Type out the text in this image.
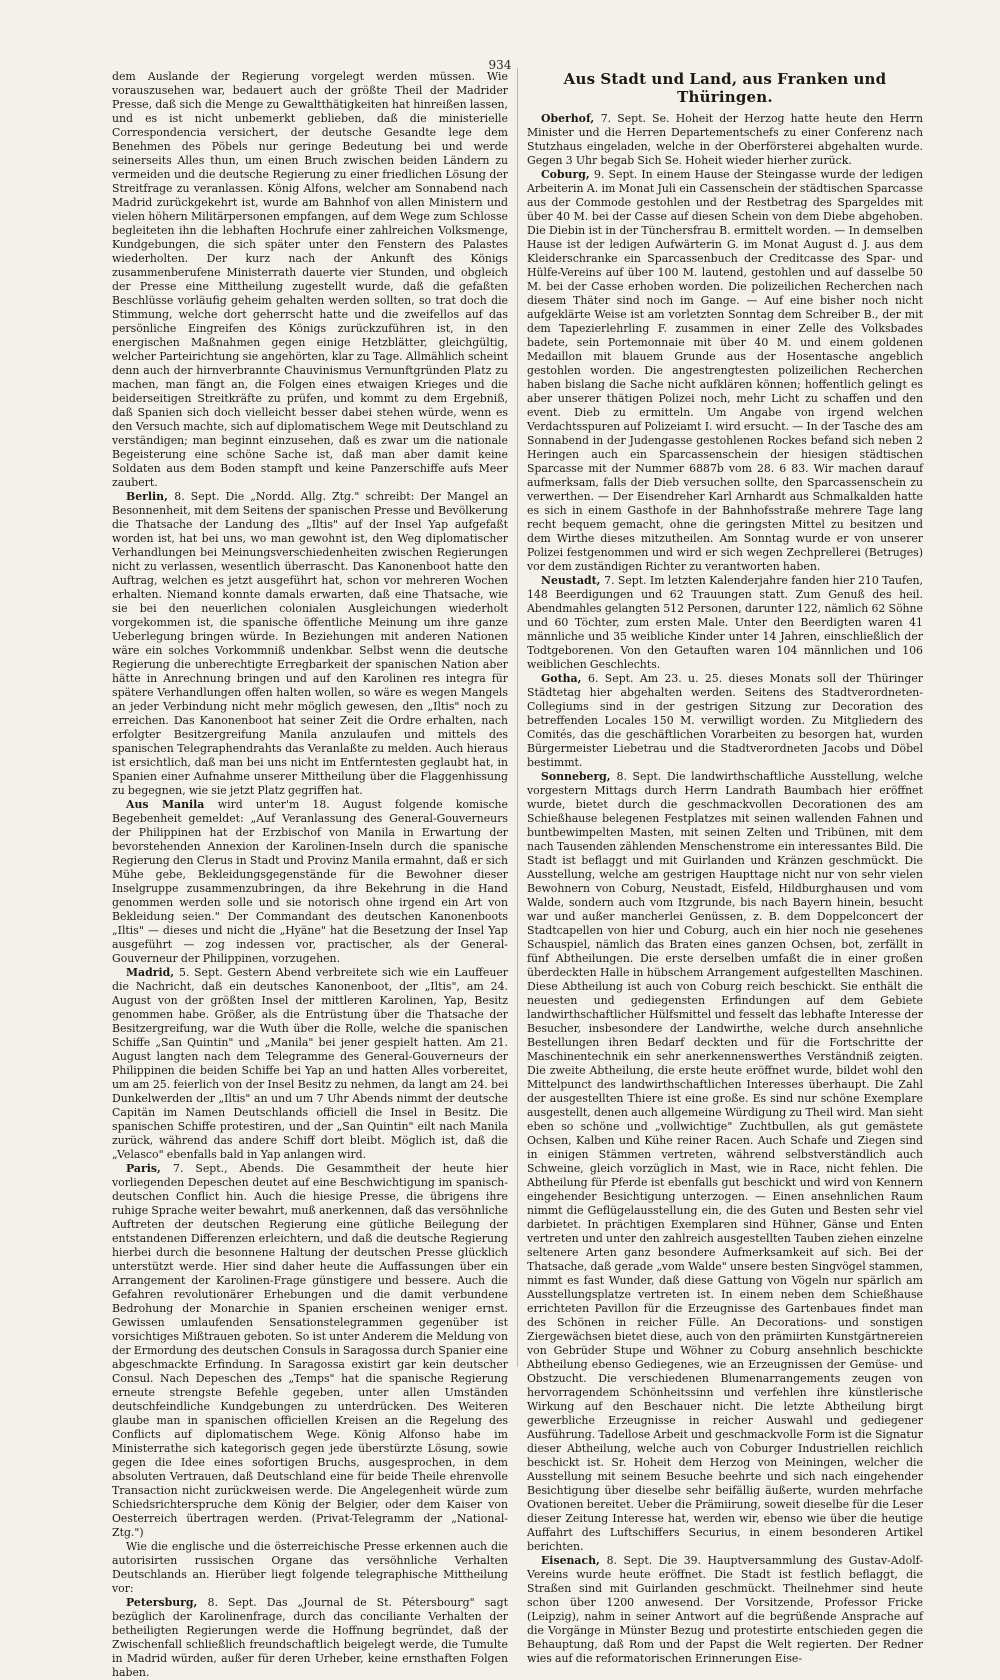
934

dem Auslande der Regierung vorgelegt werden müssen. Wie vorauszusehen war, bedauert auch der größte Theil der Madrider Presse, daß sich die Menge zu Gewaltthätigkeiten hat hinreißen lassen, und es ist nicht unbemerkt geblieben, daß die ministerielle Correspondencia versichert, der deutsche Gesandte lege dem Benehmen des Pöbels nur geringe Bedeutung bei und werde seinerseits Alles thun, um einen Bruch zwischen beiden Ländern zu vermeiden und die deutsche Regierung zu einer friedlichen Lösung der Streitfrage zu veranlassen. König Alfons, welcher am Sonnabend nach Madrid zurückgekehrt ist, wurde am Bahnhof von allen Ministern und vielen höhern Militärpersonen empfangen, auf dem Wege zum Schlosse begleiteten ihn die lebhaften Hochrufe einer zahlreichen Volksmenge, Kundgebungen, die sich später unter den Fenstern des Palastes wiederholten. Der kurz nach der Ankunft des Königs zusammenberufene Ministerrath dauerte vier Stunden, und obgleich der Presse eine Mittheilung zugestellt wurde, daß die gefaßten Beschlüsse vorläufig geheim gehalten werden sollten, so trat doch die Stimmung, welche dort geherrscht hatte und die zweifellos auf das persönliche Eingreifen des Königs zurückzuführen ist, in den energischen Maßnahmen gegen einige Hetzblätter, gleichgültig, welcher Parteirichtung sie angehörten, klar zu Tage. Allmählich scheint denn auch der hirnverbrannte Chauvinismus Vernunftgründen Platz zu machen, man fängt an, die Folgen eines etwaigen Krieges und die beiderseitigen Streitkräfte zu prüfen, und kommt zu dem Ergebniß, daß Spanien sich doch vielleicht besser dabei stehen würde, wenn es den Versuch machte, sich auf diplomatischem Wege mit Deutschland zu verständigen; man beginnt einzusehen, daß es zwar um die nationale Begeisterung eine schöne Sache ist, daß man aber damit keine Soldaten aus dem Boden stampft und keine Panzerschiffe aufs Meer zaubert.

Berlin, 8. Sept. Die „Nordd. Allg. Ztg." schreibt: Der Mangel an Besonnenheit, mit dem Seitens der spanischen Presse und Bevölkerung die Thatsache der Landung des „Iltis" auf der Insel Yap aufgefaßt worden ist, hat bei uns, wo man gewohnt ist, den Weg diplomatischer Verhandlungen bei Meinungsverschiedenheiten zwischen Regierungen nicht zu verlassen, wesentlich überrascht. Das Kanonenboot hatte den Auftrag, welchen es jetzt ausgeführt hat, schon vor mehreren Wochen erhalten. Niemand konnte damals erwarten, daß eine Thatsache, wie sie bei den neuerlichen colonialen Ausgleichungen wiederholt vorgekommen ist, die spanische öffentliche Meinung um ihre ganze Ueberlegung bringen würde. In Beziehungen mit anderen Nationen wäre ein solches Vorkommniß undenkbar. Selbst wenn die deutsche Regierung die unberechtigte Erregbarkeit der spanischen Nation aber hätte in Anrechnung bringen und auf den Karolinen res integra für spätere Verhandlungen offen halten wollen, so wäre es wegen Mangels an jeder Verbindung nicht mehr möglich gewesen, den „Iltis" noch zu erreichen. Das Kanonenboot hat seiner Zeit die Ordre erhalten, nach erfolgter Besitzergreifung Manila anzulaufen und mittels des spanischen Telegraphendrahts das Veranlaßte zu melden. Auch hieraus ist ersichtlich, daß man bei uns nicht im Entferntesten geglaubt hat, in Spanien einer Aufnahme unserer Mittheilung über die Flaggenhissung zu begegnen, wie sie jetzt Platz gegriffen hat.

Aus Manila wird unter'm 18. August folgende komische Begebenheit gemeldet: „Auf Veranlassung des General-Gouverneurs der Philippinen hat der Erzbischof von Manila in Erwartung der bevorstehenden Annexion der Karolinen-Inseln durch die spanische Regierung den Clerus in Stadt und Provinz Manila ermahnt, daß er sich Mühe gebe, Bekleidungsgegenstände für die Bewohner dieser Inselgruppe zusammenzubringen, da ihre Bekehrung in die Hand genommen werden solle und sie notorisch ohne irgend ein Art von Bekleidung seien." Der Commandant des deutschen Kanonenboots „Iltis" — dieses und nicht die „Hyäne" hat die Besetzung der Insel Yap ausgeführt — zog indessen vor, practischer, als der General-Gouverneur der Philippinen, vorzugehen.

Madrid, 5. Sept. Gestern Abend verbreitete sich wie ein Lauffeuer die Nachricht, daß ein deutsches Kanonenboot, der „Iltis", am 24. August von der größten Insel der mittleren Karolinen, Yap, Besitz genommen habe. Größer, als die Entrüstung über die Thatsache der Besitzergreifung, war die Wuth über die Rolle, welche die spanischen Schiffe „San Quintin" und „Manila" bei jener gespielt hatten. Am 21. August langten nach dem Telegramme des General-Gouverneurs der Philippinen die beiden Schiffe bei Yap an und hatten Alles vorbereitet, um am 25. feierlich von der Insel Besitz zu nehmen, da langt am 24. bei Dunkelwerden der „Iltis" an und um 7 Uhr Abends nimmt der deutsche Capitän im Namen Deutschlands officiell die Insel in Besitz. Die spanischen Schiffe protestiren, und der „San Quintin" eilt nach Manila zurück, während das andere Schiff dort bleibt. Möglich ist, daß die „Velasco" ebenfalls bald in Yap anlangen wird.

Paris, 7. Sept., Abends. Die Gesammtheit der heute hier vorliegenden Depeschen deutet auf eine Beschwichtigung im spanisch-deutschen Conflict hin. Auch die hiesige Presse, die übrigens ihre ruhige Sprache weiter bewahrt, muß anerkennen, daß das versöhnliche Auftreten der deutschen Regierung eine gütliche Beilegung der entstandenen Differenzen erleichtern, und daß die deutsche Regierung hierbei durch die besonnene Haltung der deutschen Presse glücklich unterstützt werde. Hier sind daher heute die Auffassungen über ein Arrangement der Karolinen-Frage günstigere und bessere. Auch die Gefahren revolutionärer Erhebungen und die damit verbundene Bedrohung der Monarchie in Spanien erscheinen weniger ernst. Gewissen umlaufenden Sensationstelegrammen gegenüber ist vorsichtiges Mißtrauen geboten. So ist unter Anderem die Meldung von der Ermordung des deutschen Consuls in Saragossa durch Spanier eine abgeschmackte Erfindung. In Saragossa existirt gar kein deutscher Consul. Nach Depeschen des „Temps" hat die spanische Regierung erneute strengste Befehle gegeben, unter allen Umständen deutschfeindliche Kundgebungen zu unterdrücken. Des Weiteren glaube man in spanischen officiellen Kreisen an die Regelung des Conflicts auf diplomatischem Wege. König Alfonso habe im Ministerrathe sich kategorisch gegen jede überstürzte Lösung, sowie gegen die Idee eines sofortigen Bruchs, ausgesprochen, in dem absoluten Vertrauen, daß Deutschland eine für beide Theile ehrenvolle Transaction nicht zurückweisen werde. Die Angelegenheit würde zum Schiedsrichterspruche dem König der Belgier, oder dem Kaiser von Oesterreich übertragen werden. (Privat-Telegramm der „National-Ztg.")

Wie die englische und die österreichische Presse erkennen auch die autorisirten russischen Organe das versöhnliche Verhalten Deutschlands an. Hierüber liegt folgende telegraphische Mittheilung vor:

Petersburg, 8. Sept. Das „Journal de St. Pétersbourg" sagt bezüglich der Karolinenfrage, durch das conciliante Verhalten der betheiligten Regierungen werde die Hoffnung begründet, daß der Zwischenfall schließlich freundschaftlich beigelegt werde, die Tumulte in Madrid würden, außer für deren Urheber, keine ernsthaften Folgen haben.

Aus Stadt und Land, aus Franken und Thüringen.

Oberhof, 7. Sept. Se. Hoheit der Herzog hatte heute den Herrn Minister und die Herren Departementschefs zu einer Conferenz nach Stutzhaus eingeladen, welche in der Oberförsterei abgehalten wurde. Gegen 3 Uhr begab Sich Se. Hoheit wieder hierher zurück.

Coburg, 9. Sept. In einem Hause der Steingasse wurde der ledigen Arbeiterin A. im Monat Juli ein Cassenschein der städtischen Sparcasse aus der Commode gestohlen und der Restbetrag des Spargeldes mit über 40 M. bei der Casse auf diesen Schein von dem Diebe abgehoben. Die Diebin ist in der Tünchersfrau B. ermittelt worden. — In demselben Hause ist der ledigen Aufwärterin G. im Monat August d. J. aus dem Kleiderschranke ein Sparcassenbuch der Creditcasse des Spar- und Hülfe-Vereins auf über 100 M. lautend, gestohlen und auf dasselbe 50 M. bei der Casse erhoben worden. Die polizeilichen Recherchen nach diesem Thäter sind noch im Gange. — Auf eine bisher noch nicht aufgeklärte Weise ist am vorletzten Sonntag dem Schreiber B., der mit dem Tapezierlehrling F. zusammen in einer Zelle des Volksbades badete, sein Portemonnaie mit über 40 M. und einem goldenen Medaillon mit blauem Grunde aus der Hosentasche angeblich gestohlen worden. Die angestrengtesten polizeilichen Recherchen haben bislang die Sache nicht aufklären können; hoffentlich gelingt es aber unserer thätigen Polizei noch, mehr Licht zu schaffen und den event. Dieb zu ermitteln. Um Angabe von irgend welchen Verdachtsspuren auf Polizeiamt I. wird ersucht. — In der Tasche des am Sonnabend in der Judengasse gestohlenen Rockes befand sich neben 2 Heringen auch ein Sparcassenschein der hiesigen städtischen Sparcasse mit der Nummer 6887b vom 28. 6 83. Wir machen darauf aufmerksam, falls der Dieb versuchen sollte, den Sparcassenschein zu verwerthen. — Der Eisendreher Karl Arnhardt aus Schmalkalden hatte es sich in einem Gasthofe in der Bahnhofsstraße mehrere Tage lang recht bequem gemacht, ohne die geringsten Mittel zu besitzen und dem Wirthe dieses mitzutheilen. Am Sonntag wurde er von unserer Polizei festgenommen und wird er sich wegen Zechprellerei (Betruges) vor dem zuständigen Richter zu verantworten haben.

Neustadt, 7. Sept. Im letzten Kalenderjahre fanden hier 210 Taufen, 148 Beerdigungen und 62 Trauungen statt. Zum Genuß des heil. Abendmahles gelangten 512 Personen, darunter 122, nämlich 62 Söhne und 60 Töchter, zum ersten Male. Unter den Beerdigten waren 41 männliche und 35 weibliche Kinder unter 14 Jahren, einschließlich der Todtgeborenen. Von den Getauften waren 104 männlichen und 106 weiblichen Geschlechts.

Gotha, 6. Sept. Am 23. u. 25. dieses Monats soll der Thüringer Städtetag hier abgehalten werden. Seitens des Stadtverordneten-Collegiums sind in der gestrigen Sitzung zur Decoration des betreffenden Locales 150 M. verwilligt worden. Zu Mitgliedern des Comités, das die geschäftlichen Vorarbeiten zu besorgen hat, wurden Bürgermeister Liebetrau und die Stadtverordneten Jacobs und Döbel bestimmt.

Sonneberg, 8. Sept. Die landwirthschaftliche Ausstellung, welche vorgestern Mittags durch Herrn Landrath Baumbach hier eröffnet wurde, bietet durch die geschmackvollen Decorationen des am Schießhause belegenen Festplatzes mit seinen wallenden Fahnen und buntbewimpelten Masten, mit seinen Zelten und Tribünen, mit dem nach Tausenden zählenden Menschenstrome ein interessantes Bild. Die Stadt ist beflaggt und mit Guirlanden und Kränzen geschmückt. Die Ausstellung, welche am gestrigen Haupttage nicht nur von sehr vielen Bewohnern von Coburg, Neustadt, Eisfeld, Hildburghausen und vom Walde, sondern auch vom Itzgrunde, bis nach Bayern hinein, besucht war und außer mancherlei Genüssen, z. B. dem Doppelconcert der Stadtcapellen von hier und Coburg, auch ein hier noch nie gesehenes Schauspiel, nämlich das Braten eines ganzen Ochsen, bot, zerfällt in fünf Abtheilungen. Die erste derselben umfaßt die in einer großen überdeckten Halle in hübschem Arrangement aufgestellten Maschinen. Diese Abtheilung ist auch von Coburg reich beschickt. Sie enthält die neuesten und gediegensten Erfindungen auf dem Gebiete landwirthschaftlicher Hülfsmittel und fesselt das lebhafte Interesse der Besucher, insbesondere der Landwirthe, welche durch ansehnliche Bestellungen ihren Bedarf deckten und für die Fortschritte der Maschinentechnik ein sehr anerkennenswerthes Verständniß zeigten. Die zweite Abtheilung, die erste heute eröffnet wurde, bildet wohl den Mittelpunct des landwirthschaftlichen Interesses überhaupt. Die Zahl der ausgestellten Thiere ist eine große. Es sind nur schöne Exemplare ausgestellt, denen auch allgemeine Würdigung zu Theil wird. Man sieht eben so schöne und „vollwichtige" Zuchtbullen, als gut gemästete Ochsen, Kalben und Kühe reiner Racen. Auch Schafe und Ziegen sind in einigen Stämmen vertreten, während selbstverständlich auch Schweine, gleich vorzüglich in Mast, wie in Race, nicht fehlen. Die Abtheilung für Pferde ist ebenfalls gut beschickt und wird von Kennern eingehender Besichtigung unterzogen. — Einen ansehnlichen Raum nimmt die Geflügelausstellung ein, die des Guten und Besten sehr viel darbietet. In prächtigen Exemplaren sind Hühner, Gänse und Enten vertreten und unter den zahlreich ausgestellten Tauben ziehen einzelne seltenere Arten ganz besondere Aufmerksamkeit auf sich. Bei der Thatsache, daß gerade „vom Walde" unsere besten Singvögel stammen, nimmt es fast Wunder, daß diese Gattung von Vögeln nur spärlich am Ausstellungsplatze vertreten ist. In einem neben dem Schießhause errichteten Pavillon für die Erzeugnisse des Gartenbaues findet man des Schönen in reicher Fülle. An Decorations- und sonstigen Ziergewächsen bietet diese, auch von den prämiirten Kunstgärtnereien von Gebrüder Stupe und Wöhner zu Coburg ansehnlich beschickte Abtheilung ebenso Gediegenes, wie an Erzeugnissen der Gemüse- und Obstzucht. Die verschiedenen Blumenarrangements zeugen von hervorragendem Schönheitssinn und verfehlen ihre künstlerische Wirkung auf den Beschauer nicht. Die letzte Abtheilung birgt gewerbliche Erzeugnisse in reicher Auswahl und gediegener Ausführung. Tadellose Arbeit und geschmackvolle Form ist die Signatur dieser Abtheilung, welche auch von Coburger Industriellen reichlich beschickt ist. Sr. Hoheit dem Herzog von Meiningen, welcher die Ausstellung mit seinem Besuche beehrte und sich nach eingehender Besichtigung über dieselbe sehr beifällig äußerte, wurden mehrfache Ovationen bereitet. Ueber die Prämiirung, soweit dieselbe für die Leser dieser Zeitung Interesse hat, werden wir, ebenso wie über die heutige Auffahrt des Luftschiffers Securius, in einem besonderen Artikel berichten.

Eisenach, 8. Sept. Die 39. Hauptversammlung des Gustav-Adolf-Vereins wurde heute eröffnet. Die Stadt ist festlich beflaggt, die Straßen sind mit Guirlanden geschmückt. Theilnehmer sind heute schon über 1200 anwesend. Der Vorsitzende, Professor Fricke (Leipzig), nahm in seiner Antwort auf die begrüßende Ansprache auf die Vorgänge in Münster Bezug und protestirte entschieden gegen die Behauptung, daß Rom und der Papst die Welt regierten. Der Redner wies auf die reformatorischen Erinnerungen Eise-
